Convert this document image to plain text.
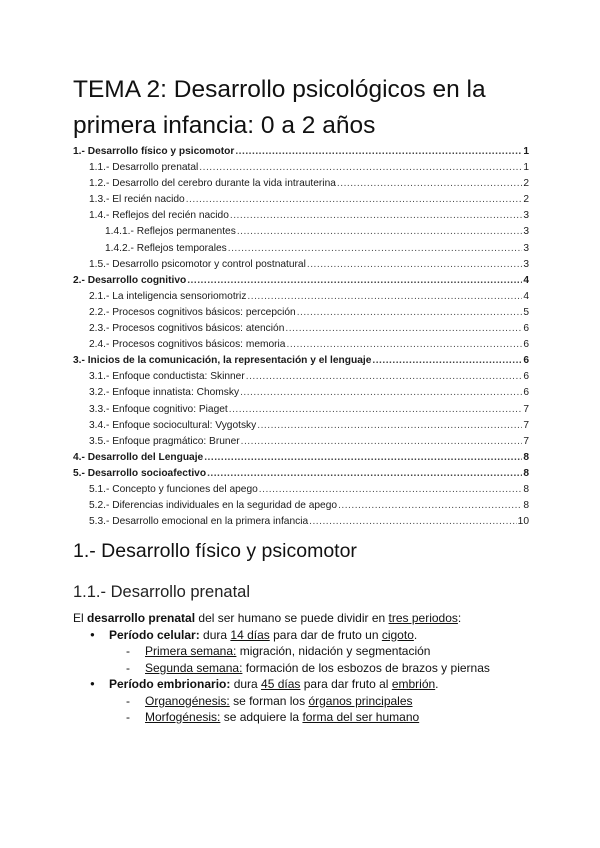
TEMA 2: Desarrollo psicológicos en la primera infancia: 0 a 2 años
1.- Desarrollo físico y psicomotor .....	1
1.1.- Desarrollo prenatal .....	1
1.2.- Desarrollo del cerebro durante la vida intrauterina .....	2
1.3.- El recién nacido .....	2
1.4.- Reflejos del recién nacido .....	3
1.4.1.- Reflejos permanentes .....	3
1.4.2.- Reflejos temporales .....	3
1.5.- Desarrollo psicomotor y control postnatural .....	3
2.- Desarrollo cognitivo .....	4
2.1.- La inteligencia sensoriomotriz .....	4
2.2.- Procesos cognitivos básicos: percepción .....	5
2.3.- Procesos cognitivos básicos: atención .....	6
2.4.- Procesos cognitivos básicos: memoria .....	6
3.- Inicios de la comunicación, la representación y el lenguaje .....	6
3.1.- Enfoque conductista: Skinner .....	6
3.2.- Enfoque innatista: Chomsky .....	6
3.3.- Enfoque cognitivo: Piaget .....	7
3.4.- Enfoque sociocultural: Vygotsky .....	7
3.5.- Enfoque pragmático: Bruner .....	7
4.- Desarrollo del Lenguaje .....	8
5.- Desarrollo socioafectivo .....	8
5.1.- Concepto y funciones del apego .....	8
5.2.- Diferencias individuales en la seguridad de apego .....	8
5.3.- Desarrollo emocional en la primera infancia .....	10
1.- Desarrollo físico y psicomotor
1.1.- Desarrollo prenatal

El desarrollo prenatal del ser humano se puede dividir en tres periodos:

● Período celular: dura 14 días para dar de fruto un cigoto.

- Primera semana: migración, nidación y segmentación

- Segunda semana: formación de los esbozos de brazos y piernas

● Período embrionario: dura 45 días para dar fruto al embrión.

- Organogénesis: se forman los órganos principales

- Morfogénesis: se adquiere la forma del ser humano
